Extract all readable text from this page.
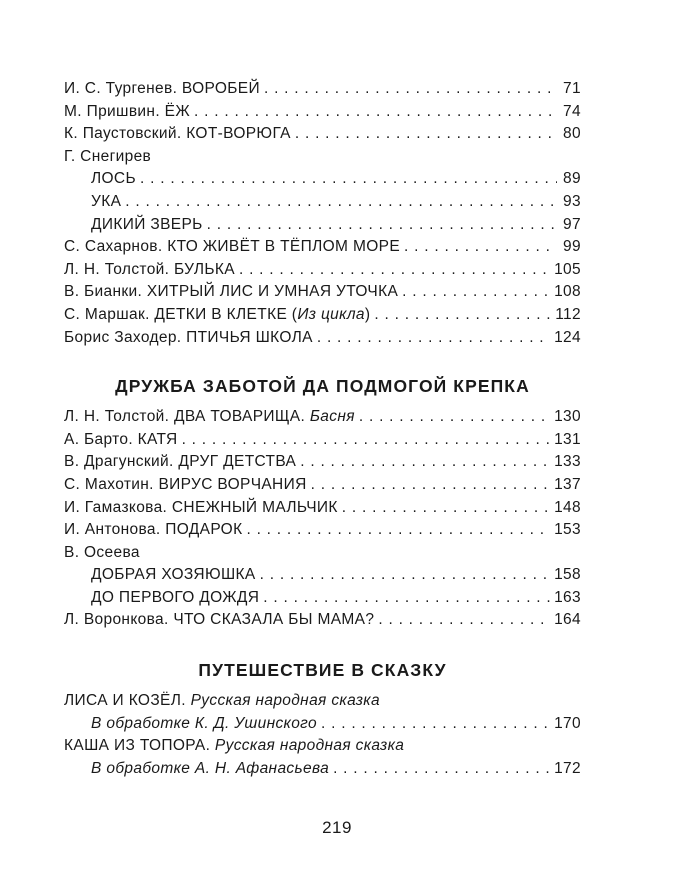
И. С. Тургенев. ВОРОБЕЙ . . .	71
М. Пришвин. ЁЖ . . .	74
К. Паустовский. КОТ-ВОРЮГА . . .	80
Г. Снегирев
ЛОСЬ . . .	89
УКА . . .	93
ДИКИЙ ЗВЕРЬ . . .	97
С. Сахарнов. КТО ЖИВЁТ В ТЁПЛОМ МОРЕ . . .	99
Л. Н. Толстой. БУЛЬКА . . .	105
В. Бианки. ХИТРЫЙ ЛИС И УМНАЯ УТОЧКА . . .	108
С. Маршак. ДЕТКИ В КЛЕТКЕ (Из цикла) . . .	112
Борис Заходер. ПТИЧЬЯ ШКОЛА . . .	124
ДРУЖБА ЗАБОТОЙ ДА ПОДМОГОЙ КРЕПКА
Л. Н. Толстой. ДВА ТОВАРИЩА. Басня . . .	130
А. Барто. КАТЯ . . .	131
В. Драгунский. ДРУГ ДЕТСТВА . . .	133
С. Махотин. ВИРУС ВОРЧАНИЯ . . .	137
И. Гамазкова. СНЕЖНЫЙ МАЛЬЧИК . . .	148
И. Антонова. ПОДАРОК . . .	153
В. Осеева
ДОБРАЯ ХОЗЯЮШКА . . .	158
ДО ПЕРВОГО ДОЖДЯ . . .	163
Л. Воронкова. ЧТО СКАЗАЛА БЫ МАМА? . . .	164
ПУТЕШЕСТВИЕ В СКАЗКУ
ЛИСА И КОЗЁЛ. Русская народная сказка
В обработке К. Д. Ушинского . . .	170
КАША ИЗ ТОПОРА. Русская народная сказка
В обработке А. Н. Афанасьева . . .	172
219
